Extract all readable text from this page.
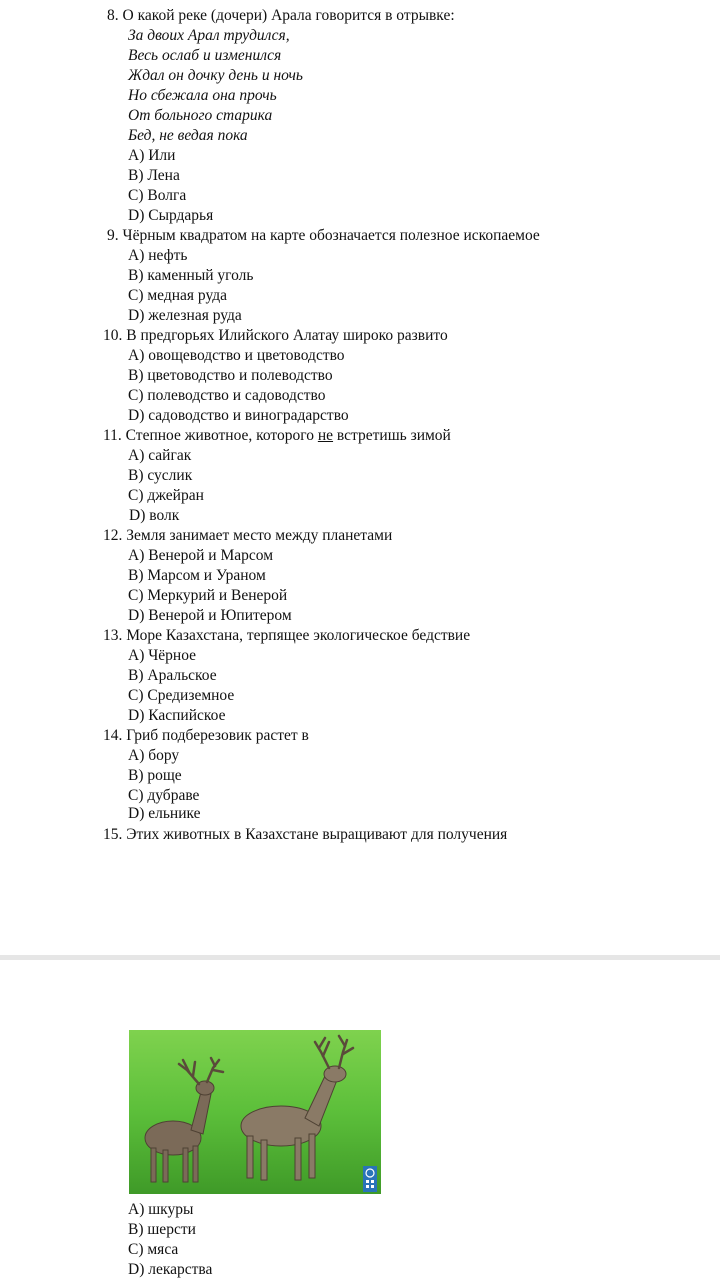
8. О какой реке (дочери) Арала говорится в отрывке:
За двоих Арал трудился,
Весь ослаб и изменился
Ждал он дочку день и ночь
Но сбежала она прочь
От больного старика
Бед, не ведая пока
A) Или
B) Лена
C) Волга
D) Сырдарья
9. Чёрным квадратом на карте обозначается полезное ископаемое
A) нефть
B) каменный уголь
C) медная руда
D) железная руда
10. В предгорьях Илийского Алатау широко развито
A) овощеводство и цветоводство
B) цветоводство и полеводство
C) полеводство и садоводство
D) садоводство и виноградарство
11. Степное животное, которого не встретишь зимой
A) сайгак
B) суслик
C) джейран
D) волк
12. Земля занимает место между планетами
A) Венерой и Марсом
B) Марсом и Ураном
C) Меркурий и Венерой
D) Венерой и Юпитером
13. Море Казахстана, терпящее экологическое бедствие
A) Чёрное
B) Аральское
C) Средиземное
D) Каспийское
14. Гриб подберезовик растет в
A) бору
B) роще
C) дубраве
D) ельнике
15. Этих животных в Казахстане выращивают для получения
A) шкуры
B) шерсти
C) мяса
D) лекарства
